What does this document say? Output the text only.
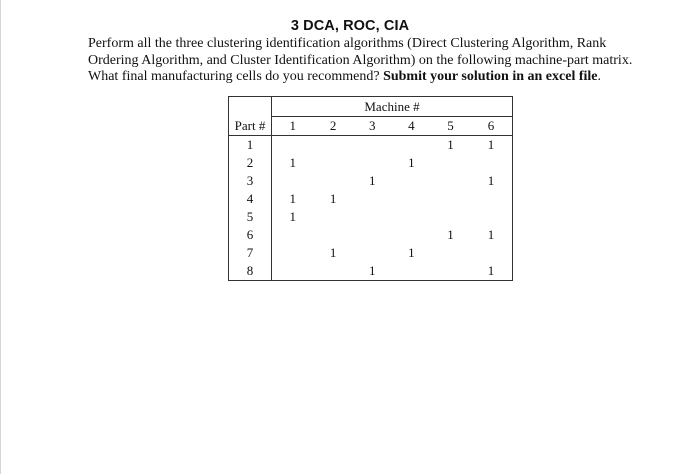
3 DCA, ROC, CIA
Perform all the three clustering identification algorithms (Direct Clustering Algorithm, Rank Ordering Algorithm, and Cluster Identification Algorithm) on the following machine-part matrix. What final manufacturing cells do you recommend? Submit your solution in an excel file.
	Machine #					
Part #	1	2	3	4	5	6
1					1	1
2	1			1		
3			1			1
4	1	1				
5	1					
6					1	1
7		1		1		
8			1			1
